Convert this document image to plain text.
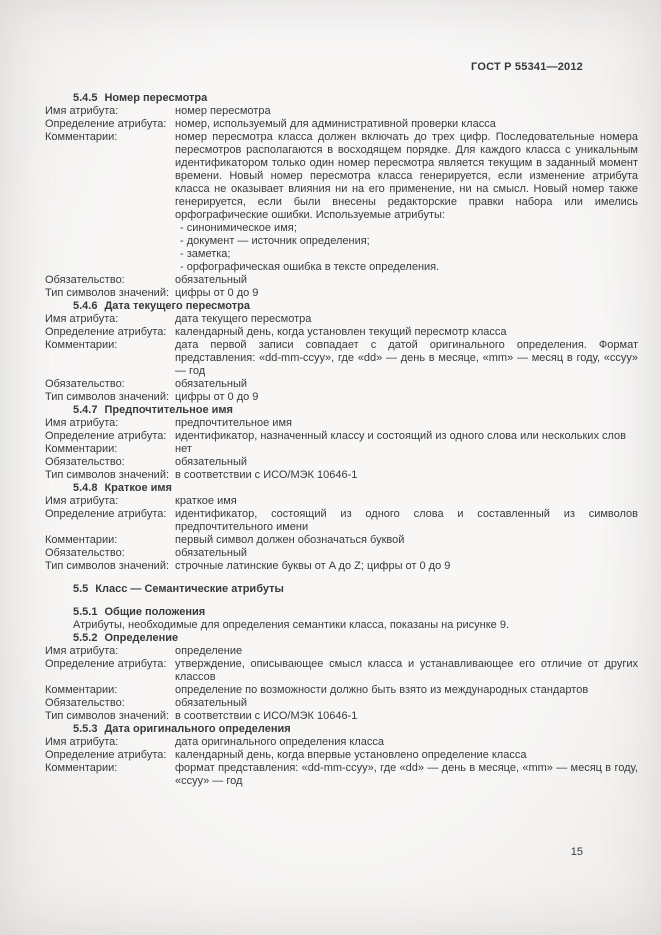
ГОСТ Р 55341—2012
5.4.5 Номер пересмотра
Имя атрибута:	номер пересмотра
Определение атрибута: номер, используемый для административной проверки класса
Комментарии:	номер пересмотра класса должен включать до трех цифр. Последовательные номера пересмотров располагаются в восходящем порядке. Для каждого класса с уникальным идентификатором только один номер пересмотра является текущим в заданный момент времени. Новый номер пересмотра класса генерируется, если изменение атрибута класса не оказывает влияния ни на его применение, ни на смысл. Новый номер также генерируется, если были внесены редакторские правки набора или имелись орфографические ошибки. Используемые атрибуты:
- синонимическое имя;
- документ — источник определения;
- заметка;
- орфографическая ошибка в тексте определения.
Обязательство:	обязательный
Тип символов значений: цифры от 0 до 9
5.4.6 Дата текущего пересмотра
Имя атрибута:	дата текущего пересмотра
Определение атрибута: календарный день, когда установлен текущий пересмотр класса
Комментарии:	дата первой записи совпадает с датой оригинального определения. Формат представления: «dd-mm-ccyy», где «dd» — день в месяце, «mm» — месяц в году, «ccyy» — год
Обязательство:	обязательный
Тип символов значений: цифры от 0 до 9
5.4.7 Предпочтительное имя
Имя атрибута:	предпочтительное имя
Определение атрибута: идентификатор, назначенный классу и состоящий из одного слова или нескольких слов
Комментарии:	нет
Обязательство:	обязательный
Тип символов значений: в соответствии с ИСО/МЭК 10646-1
5.4.8 Краткое имя
Имя атрибута:	краткое имя
Определение атрибута: идентификатор, состоящий из одного слова и составленный из символов предпочтительного имени
Комментарии:	первый символ должен обозначаться буквой
Обязательство:	обязательный
Тип символов значений: строчные латинские буквы от A до Z; цифры от 0 до 9
5.5 Класс — Семантические атрибуты
5.5.1 Общие положения
Атрибуты, необходимые для определения семантики класса, показаны на рисунке 9.
5.5.2 Определение
Имя атрибута:	определение
Определение атрибута: утверждение, описывающее смысл класса и устанавливающее его отличие от других классов
Комментарии:	определение по возможности должно быть взято из международных стандартов
Обязательство:	обязательный
Тип символов значений: в соответствии с ИСО/МЭК 10646-1
5.5.3 Дата оригинального определения
Имя атрибута:	дата оригинального определения класса
Определение атрибута: календарный день, когда впервые установлено определение класса
Комментарии:	формат представления: «dd-mm-ccyy», где «dd» — день в месяце, «mm» — месяц в году, «ccyy» — год
15
